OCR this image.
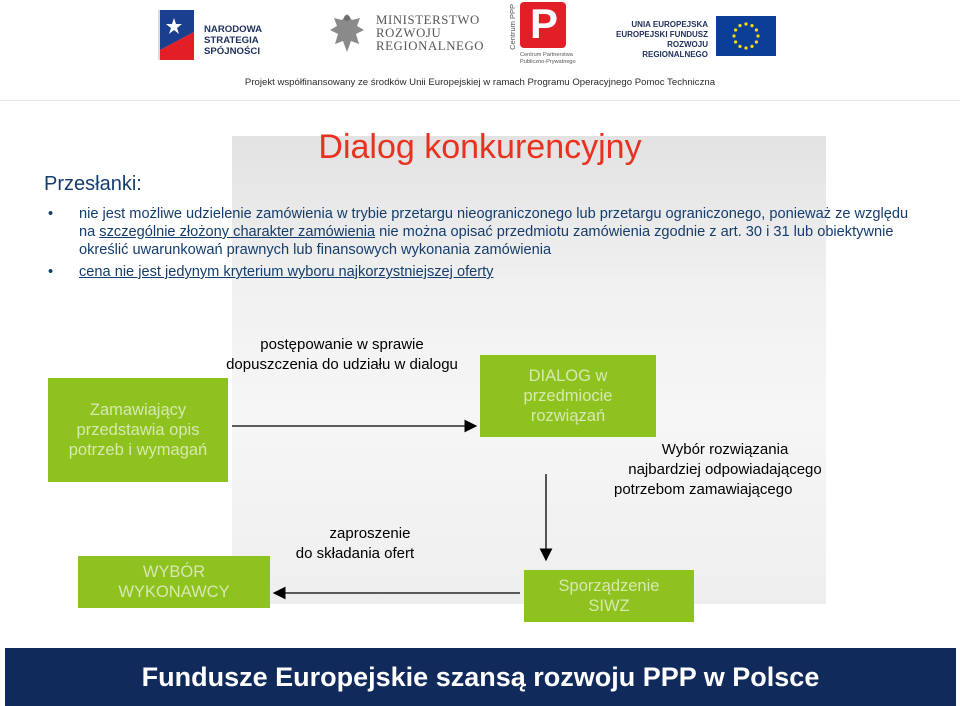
NARODOWA
STRATEGIA SPÓJNOŚCI
MINISTERSTWO
ROZWOJU
REGIONALNEGO	Centrum PPP P
Centrum Partnerstwa
Publiczno-Prywatnego
UNIA EUROPEJSKA
EUROPEJSKI FUNDUSZ
ROZWOJU REGIONALNEGO
Projekt współfinansowany ze środków Unii Europejskiej w ramach Programu Operacyjnego Pomoc Techniczna
Dialog konkurencyjny
Przesłanki:
• nie jest możliwe udzielenie zamówienia w trybie przetargu nieograniczonego lub przetargu ograniczonego, ponieważ ze względu na szczególnie złożony charakter zamówienia nie można opisać przedmiotu zamówienia zgodnie z art. 30 i 31 lub obiektywnie określić uwarunkowań prawnych lub finansowych wykonania zamówienia
• cena nie jest jedynym kryterium wyboru najkorzystniejszej oferty
Zamawiający przedstawia opis potrzeb i wymagań
DIALOG w przedmiocie rozwiązań
Sporządzenie SIWZ
WYBÓR WYKONAWCY
postępowanie w sprawie
dopuszczenia do udziału w dialogu
Wybór rozwiązania
najbardziej odpowiadającego
potrzebom zamawiającego
zaproszenie
do składania ofert
Fundusze Europejskie szansą rozwoju PPP w Polsce
